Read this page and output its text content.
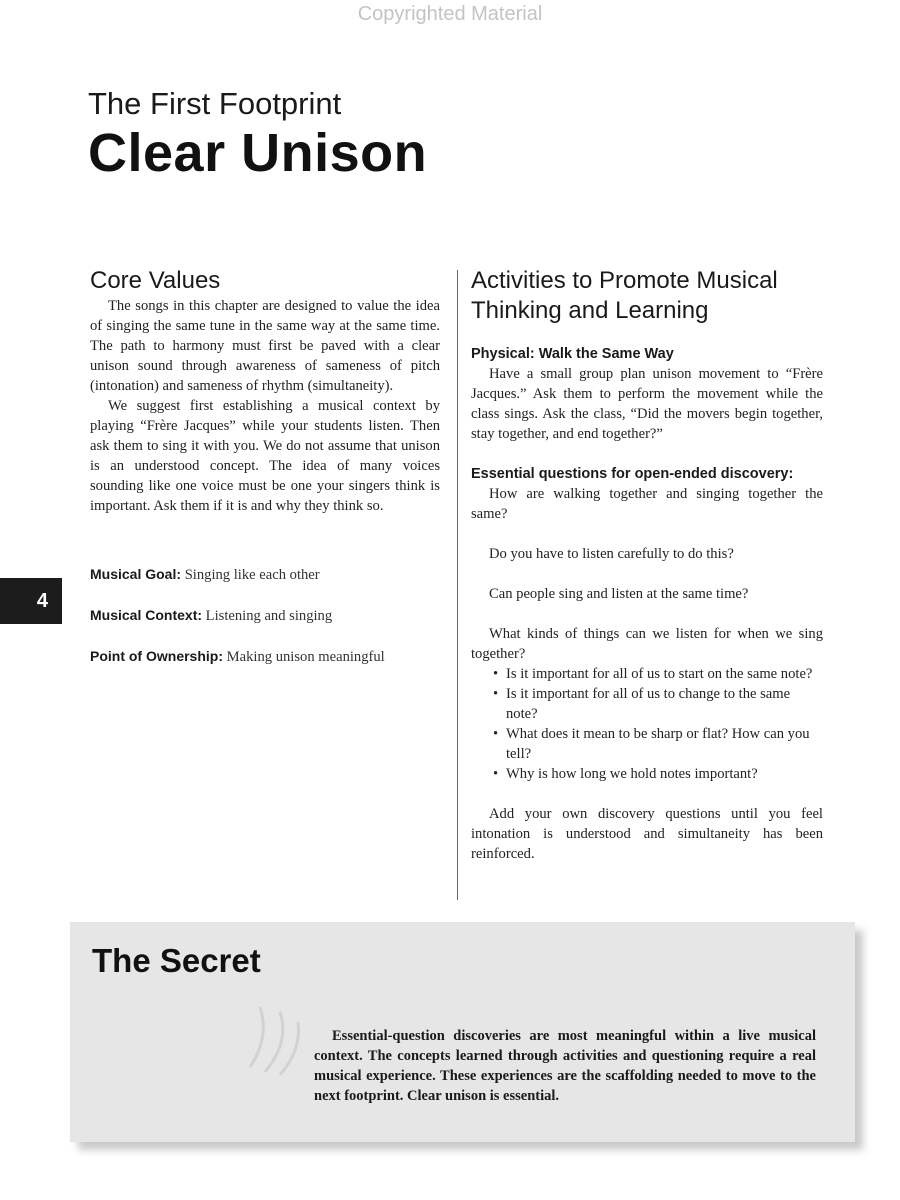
Copyrighted Material
The First Footprint
Clear Unison
Core Values

The songs in this chapter are designed to value the idea of singing the same tune in the same way at the same time. The path to harmony must first be paved with a clear unison sound through awareness of sameness of pitch (intonation) and sameness of rhythm (simultaneity).

We suggest first establishing a musical context by playing “Frère Jacques” while your students listen. Then ask them to sing it with you. We do not assume that unison is an understood concept. The idea of many voices sounding like one voice must be one your singers think is important. Ask them if it is and why they think so.

Musical Goal: Singing like each other

Musical Context: Listening and singing

Point of Ownership: Making unison meaningful

4
Activities to Promote Musical
Thinking and Learning

Physical: Walk the Same Way

Have a small group plan unison movement to “Frère Jacques.” Ask them to perform the movement while the class sings. Ask the class, “Did the movers begin together, stay together, and end together?”

Essential questions for open-ended discovery:

How are walking together and singing together the same?

Do you have to listen carefully to do this?

Can people sing and listen at the same time?

What kinds of things can we listen for when we sing together?

• Is it important for all of us to start on the same note?
• Is it important for all of us to change to the same note?
• What does it mean to be sharp or flat? How can you tell?
• Why is how long we hold notes important?

Add your own discovery questions until you feel intonation is understood and simultaneity has been reinforced.

The Secret

Essential-question discoveries are most meaningful within a live musical context. The concepts learned through activities and questioning require a real musical experience. These experiences are the scaffolding needed to move to the next footprint. Clear unison is essential.
